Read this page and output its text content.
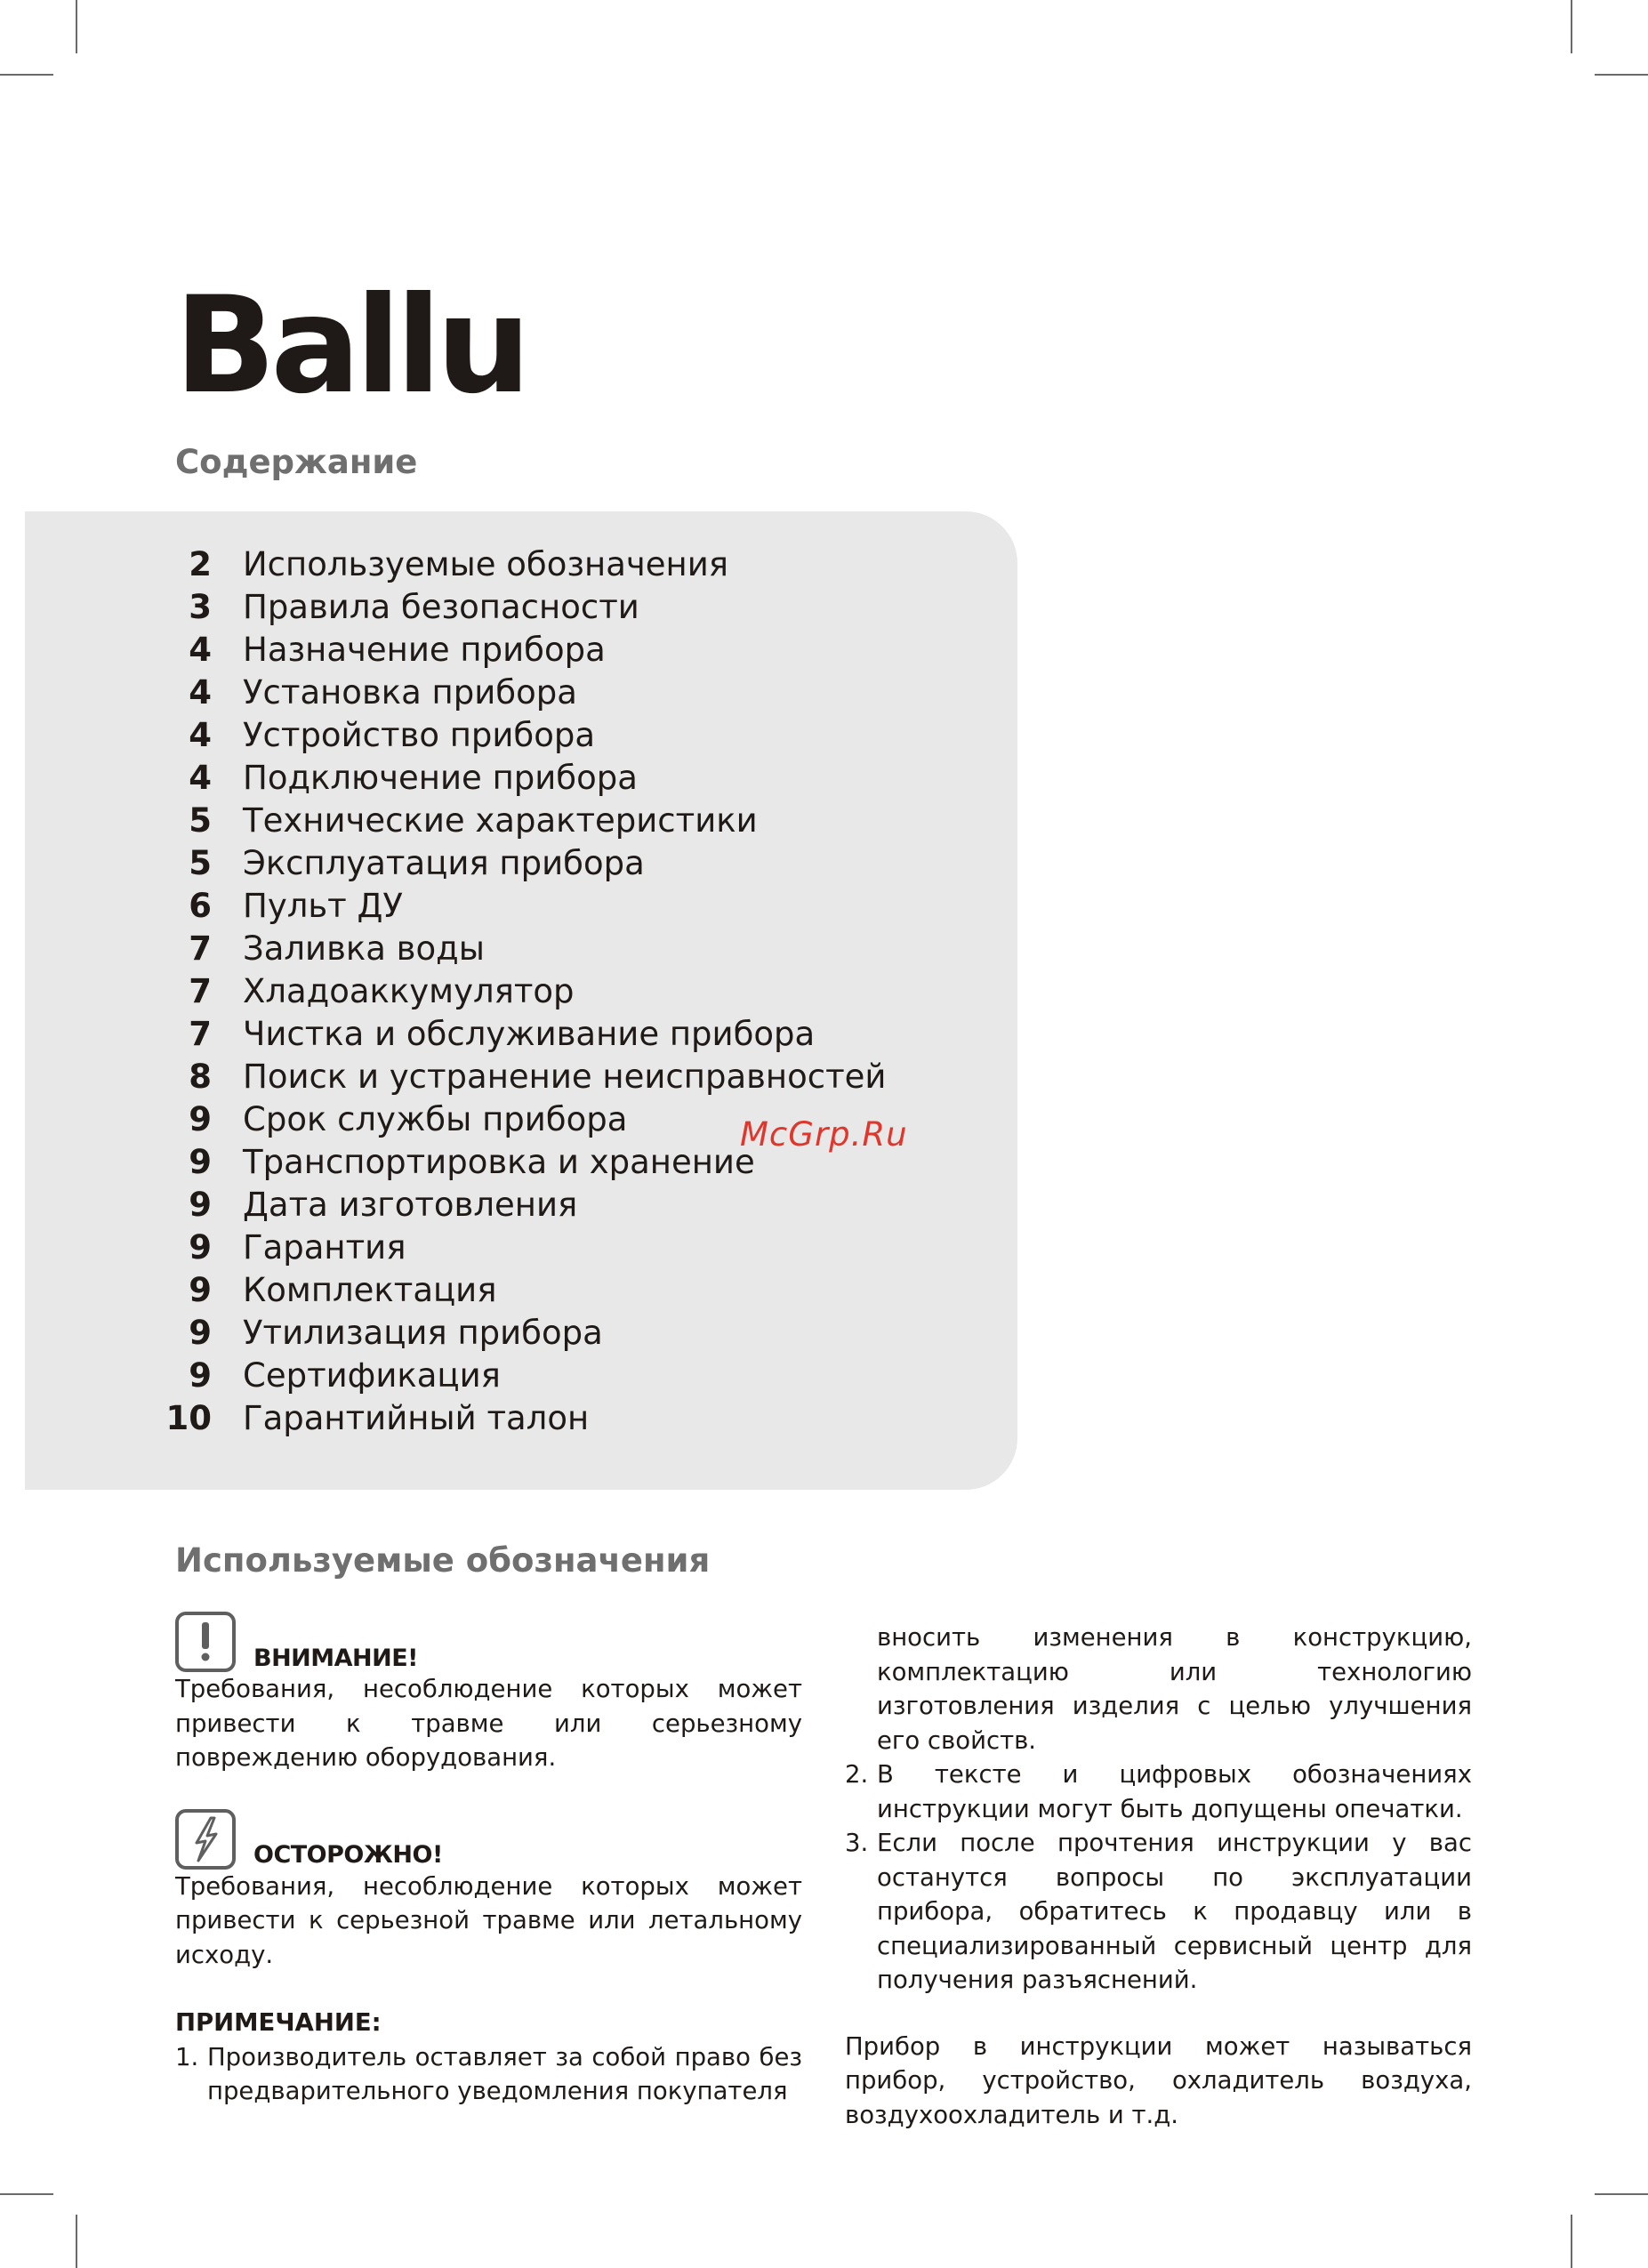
Ballu
Содержание
2 Используемые обозначения
3 Правила безопасности
4 Назначение прибора
4 Установка прибора
4 Устройство прибора
4 Подключение прибора
5 Технические характеристики
5 Эксплуатация прибора
6 Пульт ДУ
7 Заливка воды
7 Хладоаккумулятор
7 Чистка и обслуживание прибора
8 Поиск и устранение неисправностей
9 Срок службы прибора
9 Транспортировка и хранение
9 Дата изготовления
9 Гарантия
9 Комплектация
9 Утилизация прибора
9 Сертификация
10 Гарантийный талон
McGrp.Ru
Используемые обозначения
ВНИМАНИЕ!

Требования, несоблюдение которых может привести к травме или серьезному повреждению оборудования.

ОСТОРОЖНО!

Требования, несоблюдение которых может привести к серьезной травме или летальному исходу.

ПРИМЕЧАНИЕ:
1. Производитель оставляет за собой право без предварительного уведомления покупателя
вносить изменения в конструкцию, комплектацию или технологию изготовления изделия с целью улучшения его свойств.
2. В тексте и цифровых обозначениях инструкции могут быть допущены опечатки.
3. Если после прочтения инструкции у вас останутся вопросы по эксплуатации прибора, обратитесь к продавцу или в специализированный сервисный центр для получения разъяснений.

Прибор в инструкции может называться прибор, устройство, охладитель воздуха, воздухоохладитель и т.д.
